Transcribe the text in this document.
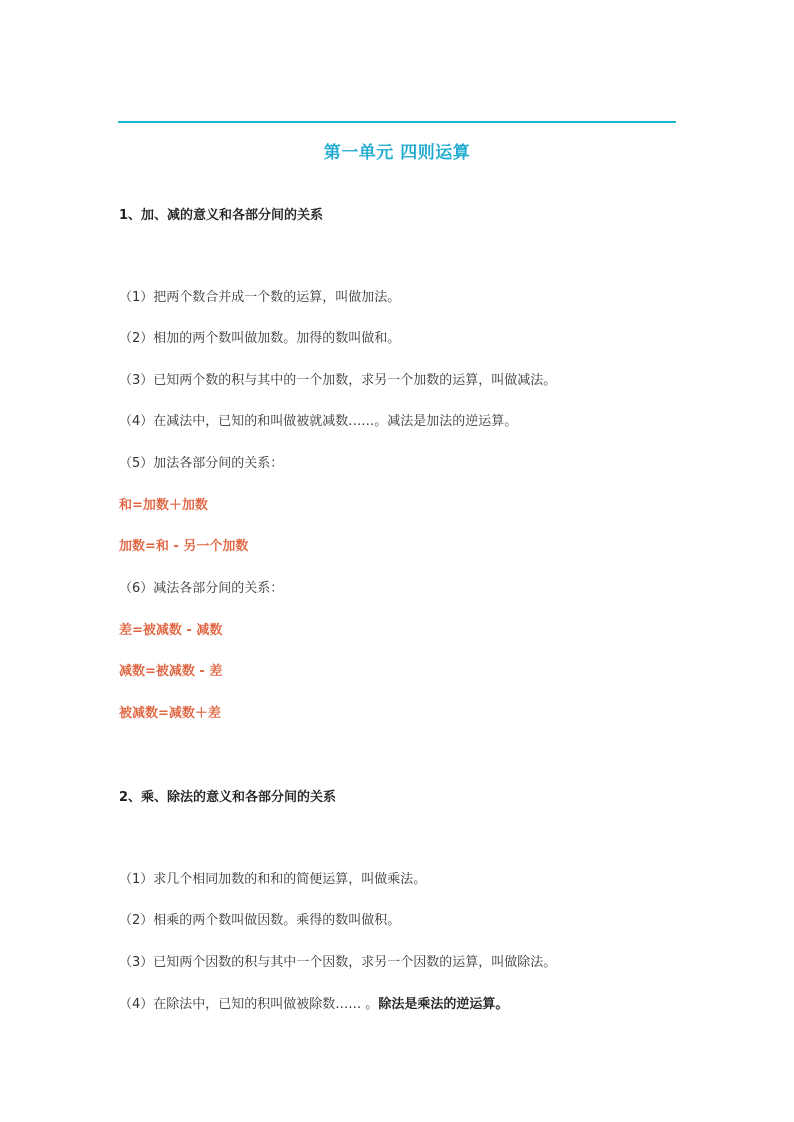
第一单元 四则运算
1、加、减的意义和各部分间的关系
（1）把两个数合并成一个数的运算，叫做加法。
（2）相加的两个数叫做加数。加得的数叫做和。
（3）已知两个数的积与其中的一个加数，求另一个加数的运算，叫做减法。
（4）在减法中，已知的和叫做被就减数……。减法是加法的逆运算。
（5）加法各部分间的关系：
和=加数＋加数
加数=和 - 另一个加数
（6）减法各部分间的关系：
差=被减数 - 减数
减数=被减数 - 差
被减数=减数＋差
2、乘、除法的意义和各部分间的关系
（1）求几个相同加数的和和的简便运算，叫做乘法。
（2）相乘的两个数叫做因数。乘得的数叫做积。
（3）已知两个因数的积与其中一个因数，求另一个因数的运算，叫做除法。
（4）在除法中，已知的积叫做被除数…… 。除法是乘法的逆运算。
